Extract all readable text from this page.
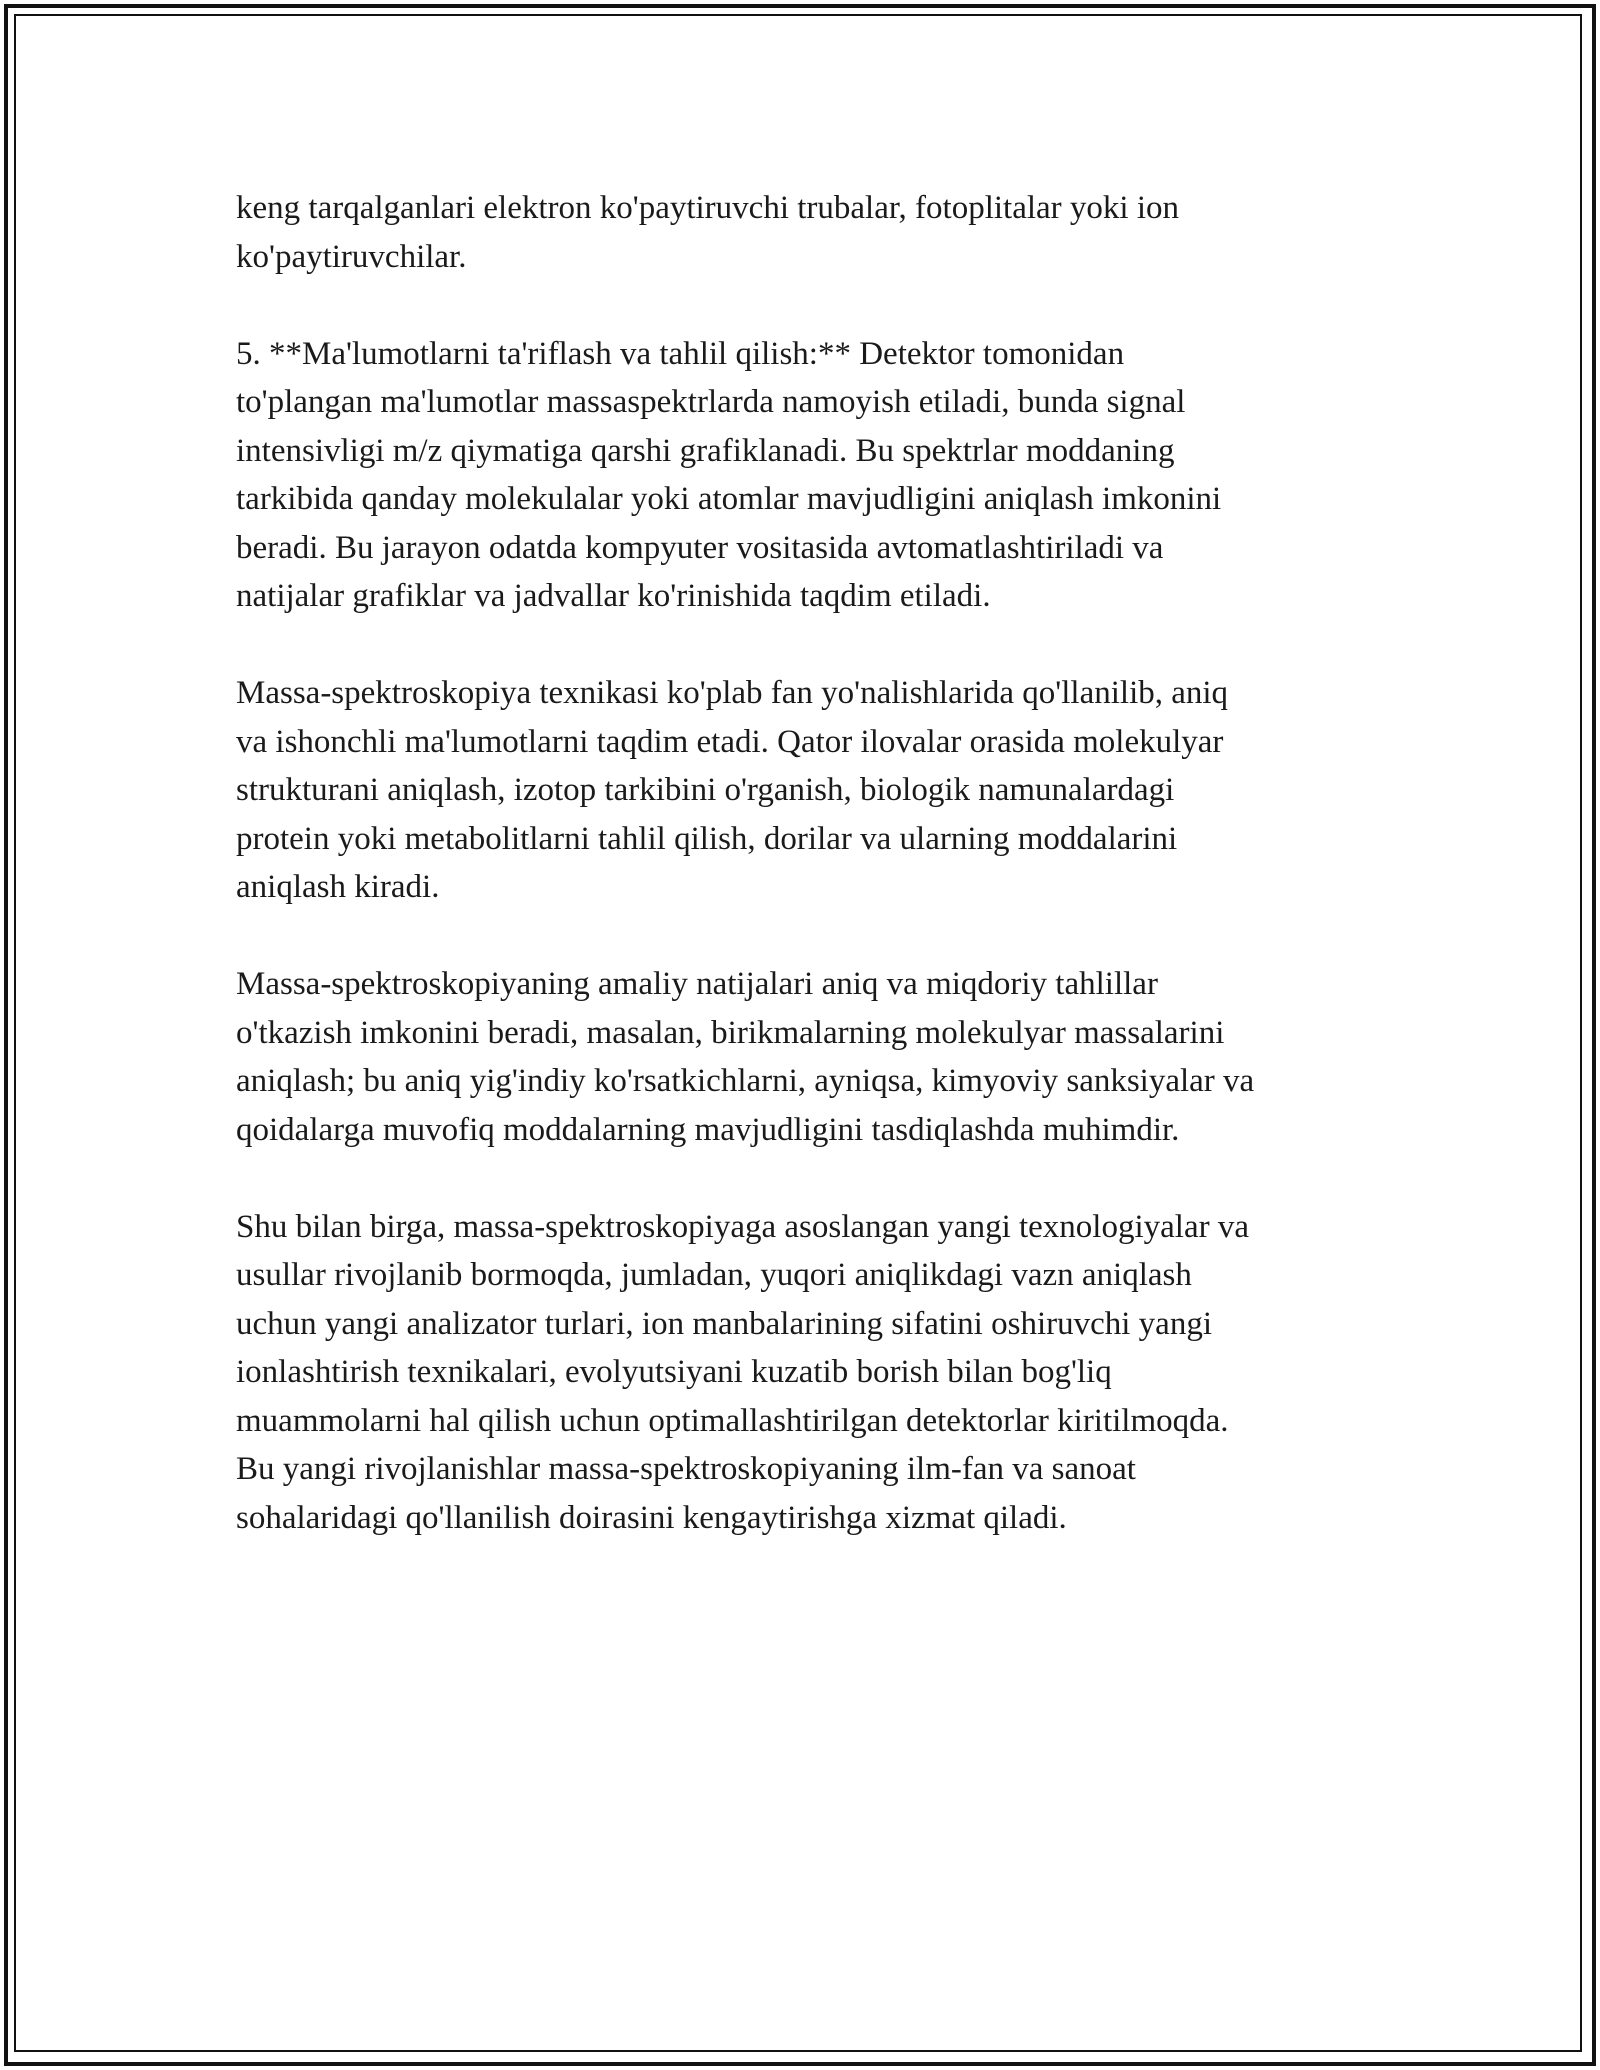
keng tarqalganlari elektron ko'paytiruvchi trubalar, fotoplitalar yoki ion
ko'paytiruvchilar.

5. **Ma'lumotlarni ta'riflash va tahlil qilish:** Detektor tomonidan
to'plangan ma'lumotlar massaspektrlarda namoyish etiladi, bunda signal
intensivligi m/z qiymatiga qarshi grafiklanadi. Bu spektrlar moddaning
tarkibida qanday molekulalar yoki atomlar mavjudligini aniqlash imkonini
beradi. Bu jarayon odatda kompyuter vositasida avtomatlashtiriladi va
natijalar grafiklar va jadvallar ko'rinishida taqdim etiladi.

Massa-spektroskopiya texnikasi ko'plab fan yo'nalishlarida qo'llanilib, aniq
va ishonchli ma'lumotlarni taqdim etadi. Qator ilovalar orasida molekulyar
strukturani aniqlash, izotop tarkibini o'rganish, biologik namunalardagi
protein yoki metabolitlarni tahlil qilish, dorilar va ularning moddalarini
aniqlash kiradi.

Massa-spektroskopiyaning amaliy natijalari aniq va miqdoriy tahlillar
o'tkazish imkonini beradi, masalan, birikmalarning molekulyar massalarini
aniqlash; bu aniq yig'indiy ko'rsatkichlarni, ayniqsa, kimyoviy sanksiyalar va
qoidalarga muvofiq moddalarning mavjudligini tasdiqlashda muhimdir.

Shu bilan birga, massa-spektroskopiyaga asoslangan yangi texnologiyalar va
usullar rivojlanib bormoqda, jumladan, yuqori aniqlikdagi vazn aniqlash
uchun yangi analizator turlari, ion manbalarining sifatini oshiruvchi yangi
ionlashtirish texnikalari, evolyutsiyani kuzatib borish bilan bog'liq
muammolarni hal qilish uchun optimallashtirilgan detektorlar kiritilmoqda.
Bu yangi rivojlanishlar massa-spektroskopiyaning ilm-fan va sanoat
sohalaridagi qo'llanilish doirasini kengaytirishga xizmat qiladi.
